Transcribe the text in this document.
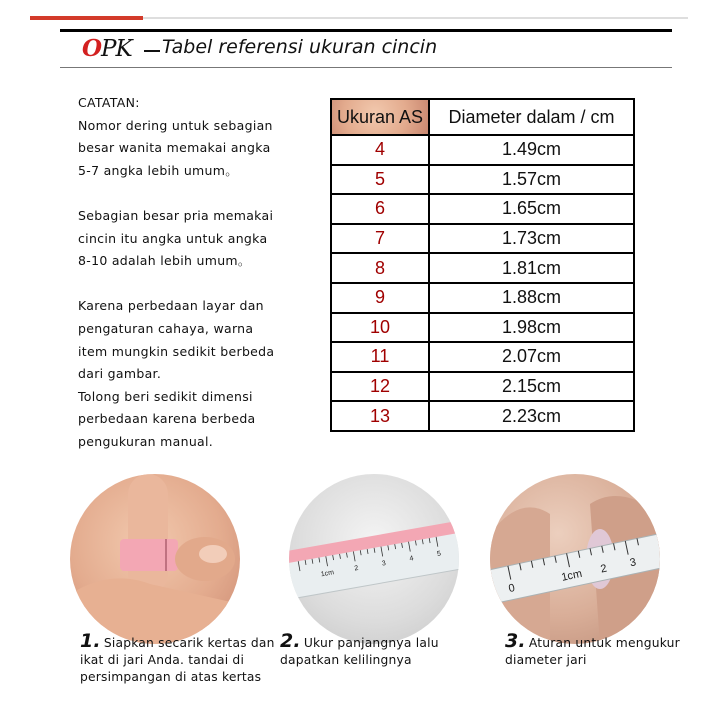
OPK Tabel referensi ukuran cincin
CATATAN:

Nomor dering untuk sebagian
besar wanita memakai angka
5-7 angka lebih umum。

Sebagian besar pria memakai
cincin itu angka untuk angka
8-10 adalah lebih umum。

Karena perbedaan layar dan
pengaturan cahaya, warna
item mungkin sedikit berbeda
dari gambar.
Tolong beri sedikit dimensi
perbedaan karena berbeda
pengukuran manual.

Ukuran AS	Diameter dalam / cm
4	1.49cm
5	1.57cm
6	1.65cm
7	1.73cm
8	1.81cm
9	1.88cm
10	1.98cm
11	2.07cm
12	2.15cm
13	2.23cm
1cm
2
3
4
5
0
1cm 2 3
1. Siapkan secarik kertas dan ikat di jari Anda. tandai di persimpangan di atas kertas
2. Ukur panjangnya lalu dapatkan kelilingnya
3. Aturan untuk mengukur diameter jari
